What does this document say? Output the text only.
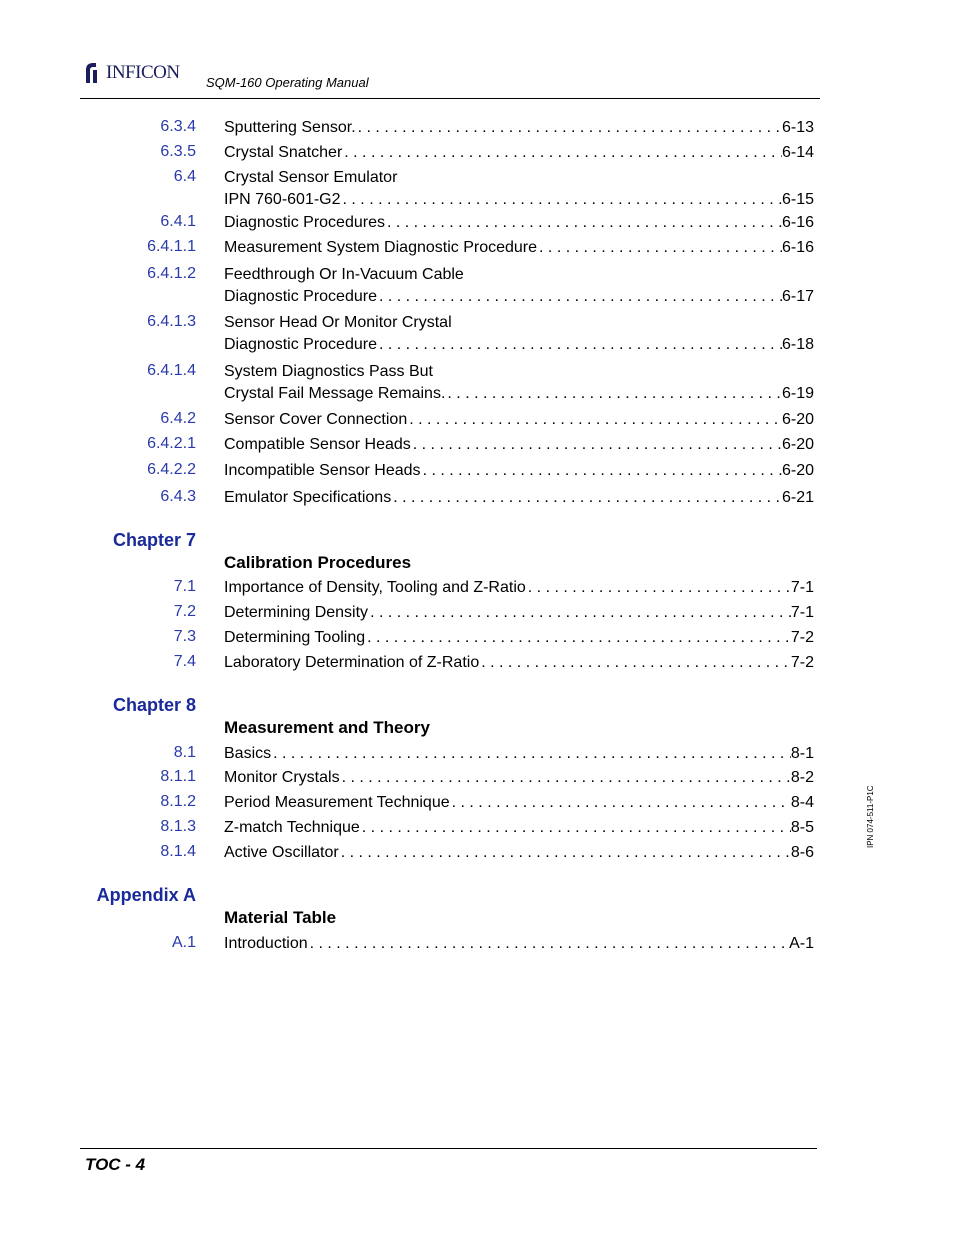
INFICON SQM-160 Operating Manual
6.3.4 Sputtering Sensor. . . .	6-13
6.3.5 Crystal Snatcher . . .	6-14
6.4 Crystal Sensor Emulator
IPN 760-601-G2 . . .	6-15
6.4.1 Diagnostic Procedures . . .	6-16
6.4.1.1 Measurement System Diagnostic Procedure . . .	6-16
6.4.1.2 Feedthrough Or In-Vacuum Cable
Diagnostic Procedure . . .	6-17
6.4.1.3 Sensor Head Or Monitor Crystal
Diagnostic Procedure . . .	6-18
6.4.1.4 System Diagnostics Pass But
Crystal Fail Message Remains. . . .	6-19
6.4.2 Sensor Cover Connection . . .	6-20
6.4.2.1 Compatible Sensor Heads . . .	6-20
6.4.2.2 Incompatible Sensor Heads . . .	6-20
6.4.3 Emulator Specifications . . .	6-21
Chapter 7
Calibration Procedures
7.1 Importance of Density, Tooling and Z-Ratio . . .	7-1
7.2 Determining Density . . .	7-1
7.3 Determining Tooling . . .	7-2
7.4 Laboratory Determination of Z-Ratio . . .	7-2
Chapter 8
Measurement and Theory
8.1 Basics . . .	8-1
8.1.1 Monitor Crystals . . .	8-2
8.1.2 Period Measurement Technique . . .	8-4
8.1.3 Z-match Technique . . .	8-5
8.1.4 Active Oscillator . . .	8-6
Appendix A
Material Table
A.1 Introduction . . .	A-1
TOC - 4
IPN 074-511-P1C
